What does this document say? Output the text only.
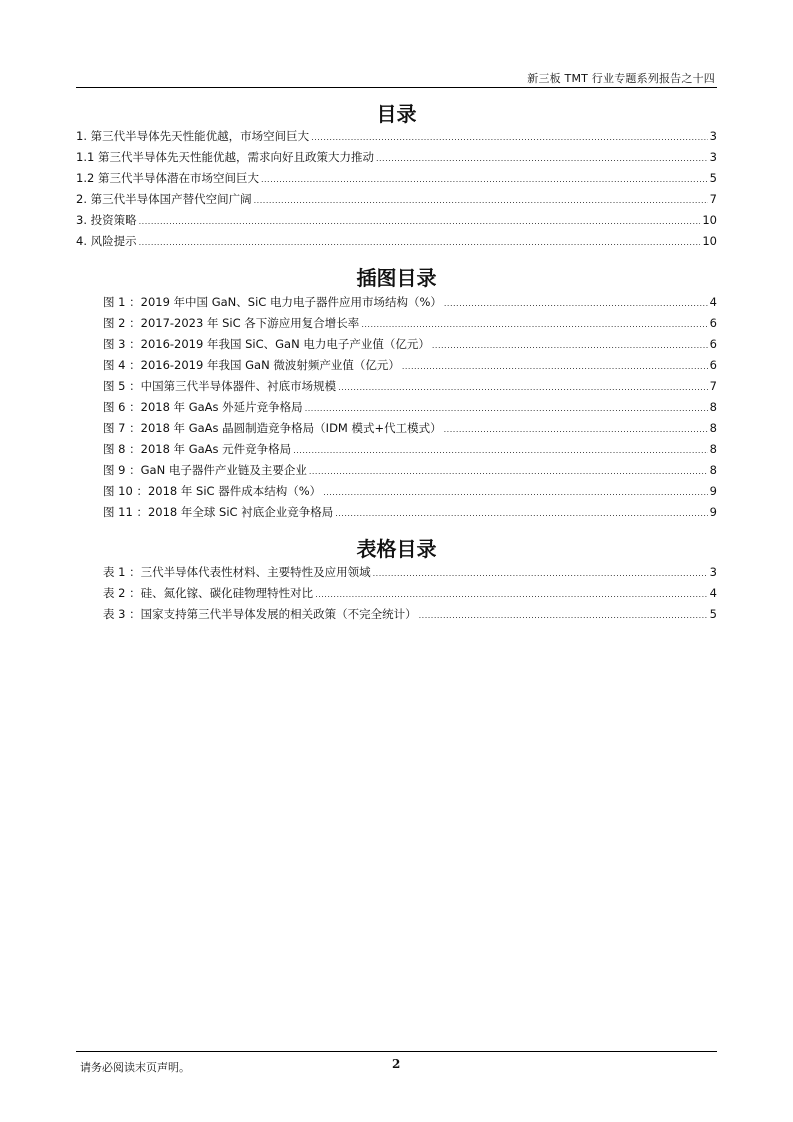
新三板 TMT 行业专题系列报告之十四
目录
1. 第三代半导体先天性能优越，市场空间巨大 .....	3
1.1 第三代半导体先天性能优越，需求向好且政策大力推动 .....	3
1.2 第三代半导体潜在市场空间巨大 .....	5
2. 第三代半导体国产替代空间广阔 .....	7
3. 投资策略 .....	10
4. 风险提示 .....	10
插图目录
图 1 ：2019 年中国 GaN、SiC 电力电子器件应用市场结构（%） .....	4
图 2 ：2017-2023 年 SiC 各下游应用复合增长率 .....	6
图 3 ：2016-2019 年我国 SiC、GaN 电力电子产业值（亿元） .....	6
图 4 ：2016-2019 年我国 GaN 微波射频产业值（亿元） .....	6
图 5 ：中国第三代半导体器件、衬底市场规模 .....	7
图 6 ：2018 年 GaAs 外延片竞争格局 .....	8
图 7 ：2018 年 GaAs 晶圆制造竞争格局（IDM 模式+代工模式） .....	8
图 8 ：2018 年 GaAs 元件竞争格局 .....	8
图 9 ：GaN 电子器件产业链及主要企业 .....	8
图 10 ：2018 年 SiC 器件成本结构（%） .....	9
图 11 ：2018 年全球 SiC 衬底企业竞争格局 .....	9
表格目录
表 1 ：三代半导体代表性材料、主要特性及应用领域 .....	3
表 2 ：硅、氮化镓、碳化硅物理特性对比 .....	4
表 3 ：国家支持第三代半导体发展的相关政策（不完全统计） .....	5
请务必阅读末页声明。	2
